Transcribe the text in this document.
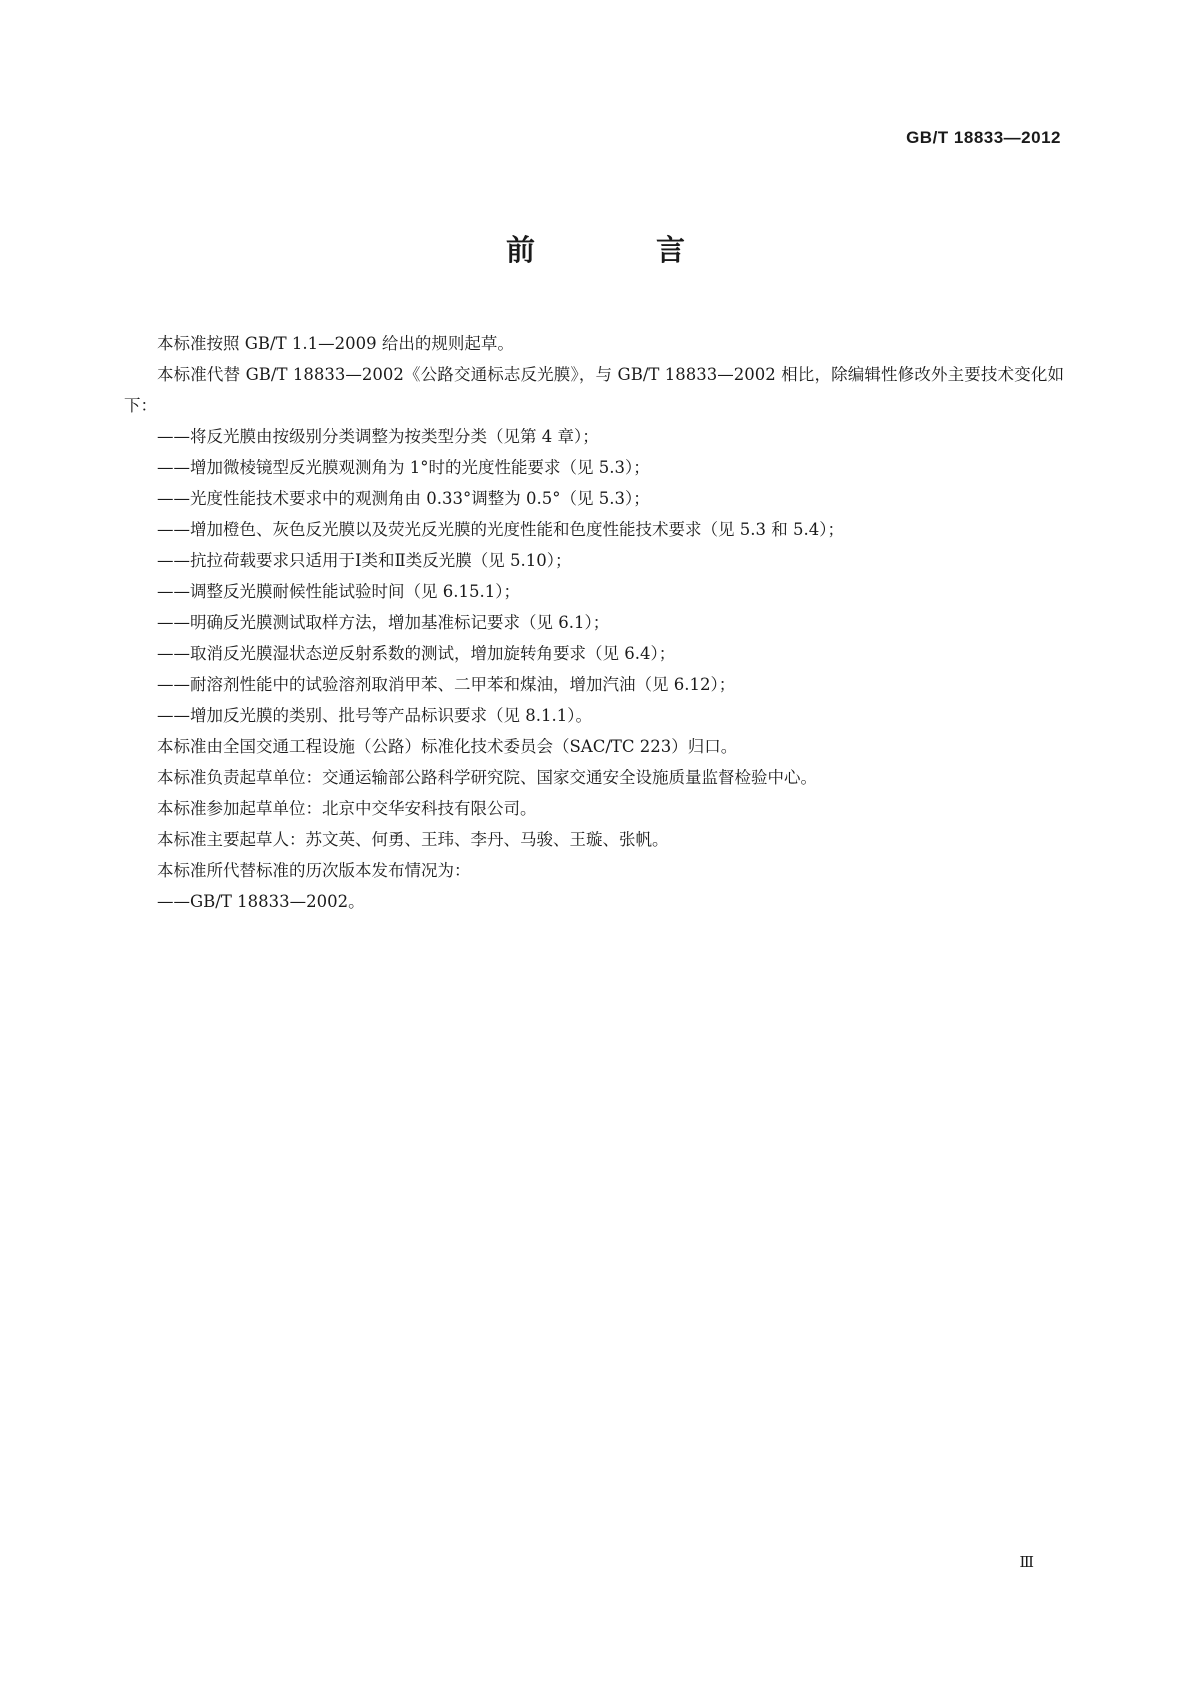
GB/T 18833—2012
前　言

本标准按照 GB/T 1.1—2009 给出的规则起草。

本标准代替 GB/T 18833—2002《公路交通标志反光膜》，与 GB/T 18833—2002 相比，除编辑性修改外主要技术变化如下：

——将反光膜由按级别分类调整为按类型分类（见第 4 章）；

——增加微棱镜型反光膜观测角为 1°时的光度性能要求（见 5.3）；

——光度性能技术要求中的观测角由 0.33°调整为 0.5°（见 5.3）；

——增加橙色、灰色反光膜以及荧光反光膜的光度性能和色度性能技术要求（见 5.3 和 5.4）；

——抗拉荷载要求只适用于Ⅰ类和Ⅱ类反光膜（见 5.10）；

——调整反光膜耐候性能试验时间（见 6.15.1）；

——明确反光膜测试取样方法，增加基准标记要求（见 6.1）；

——取消反光膜湿状态逆反射系数的测试，增加旋转角要求（见 6.4）；

——耐溶剂性能中的试验溶剂取消甲苯、二甲苯和煤油，增加汽油（见 6.12）；

——增加反光膜的类别、批号等产品标识要求（见 8.1.1）。

本标准由全国交通工程设施（公路）标准化技术委员会（SAC/TC 223）归口。

本标准负责起草单位：交通运输部公路科学研究院、国家交通安全设施质量监督检验中心。

本标准参加起草单位：北京中交华安科技有限公司。

本标准主要起草人：苏文英、何勇、王玮、李丹、马骏、王璇、张帆。

本标准所代替标准的历次版本发布情况为：

——GB/T 18833—2002。

Ⅲ
